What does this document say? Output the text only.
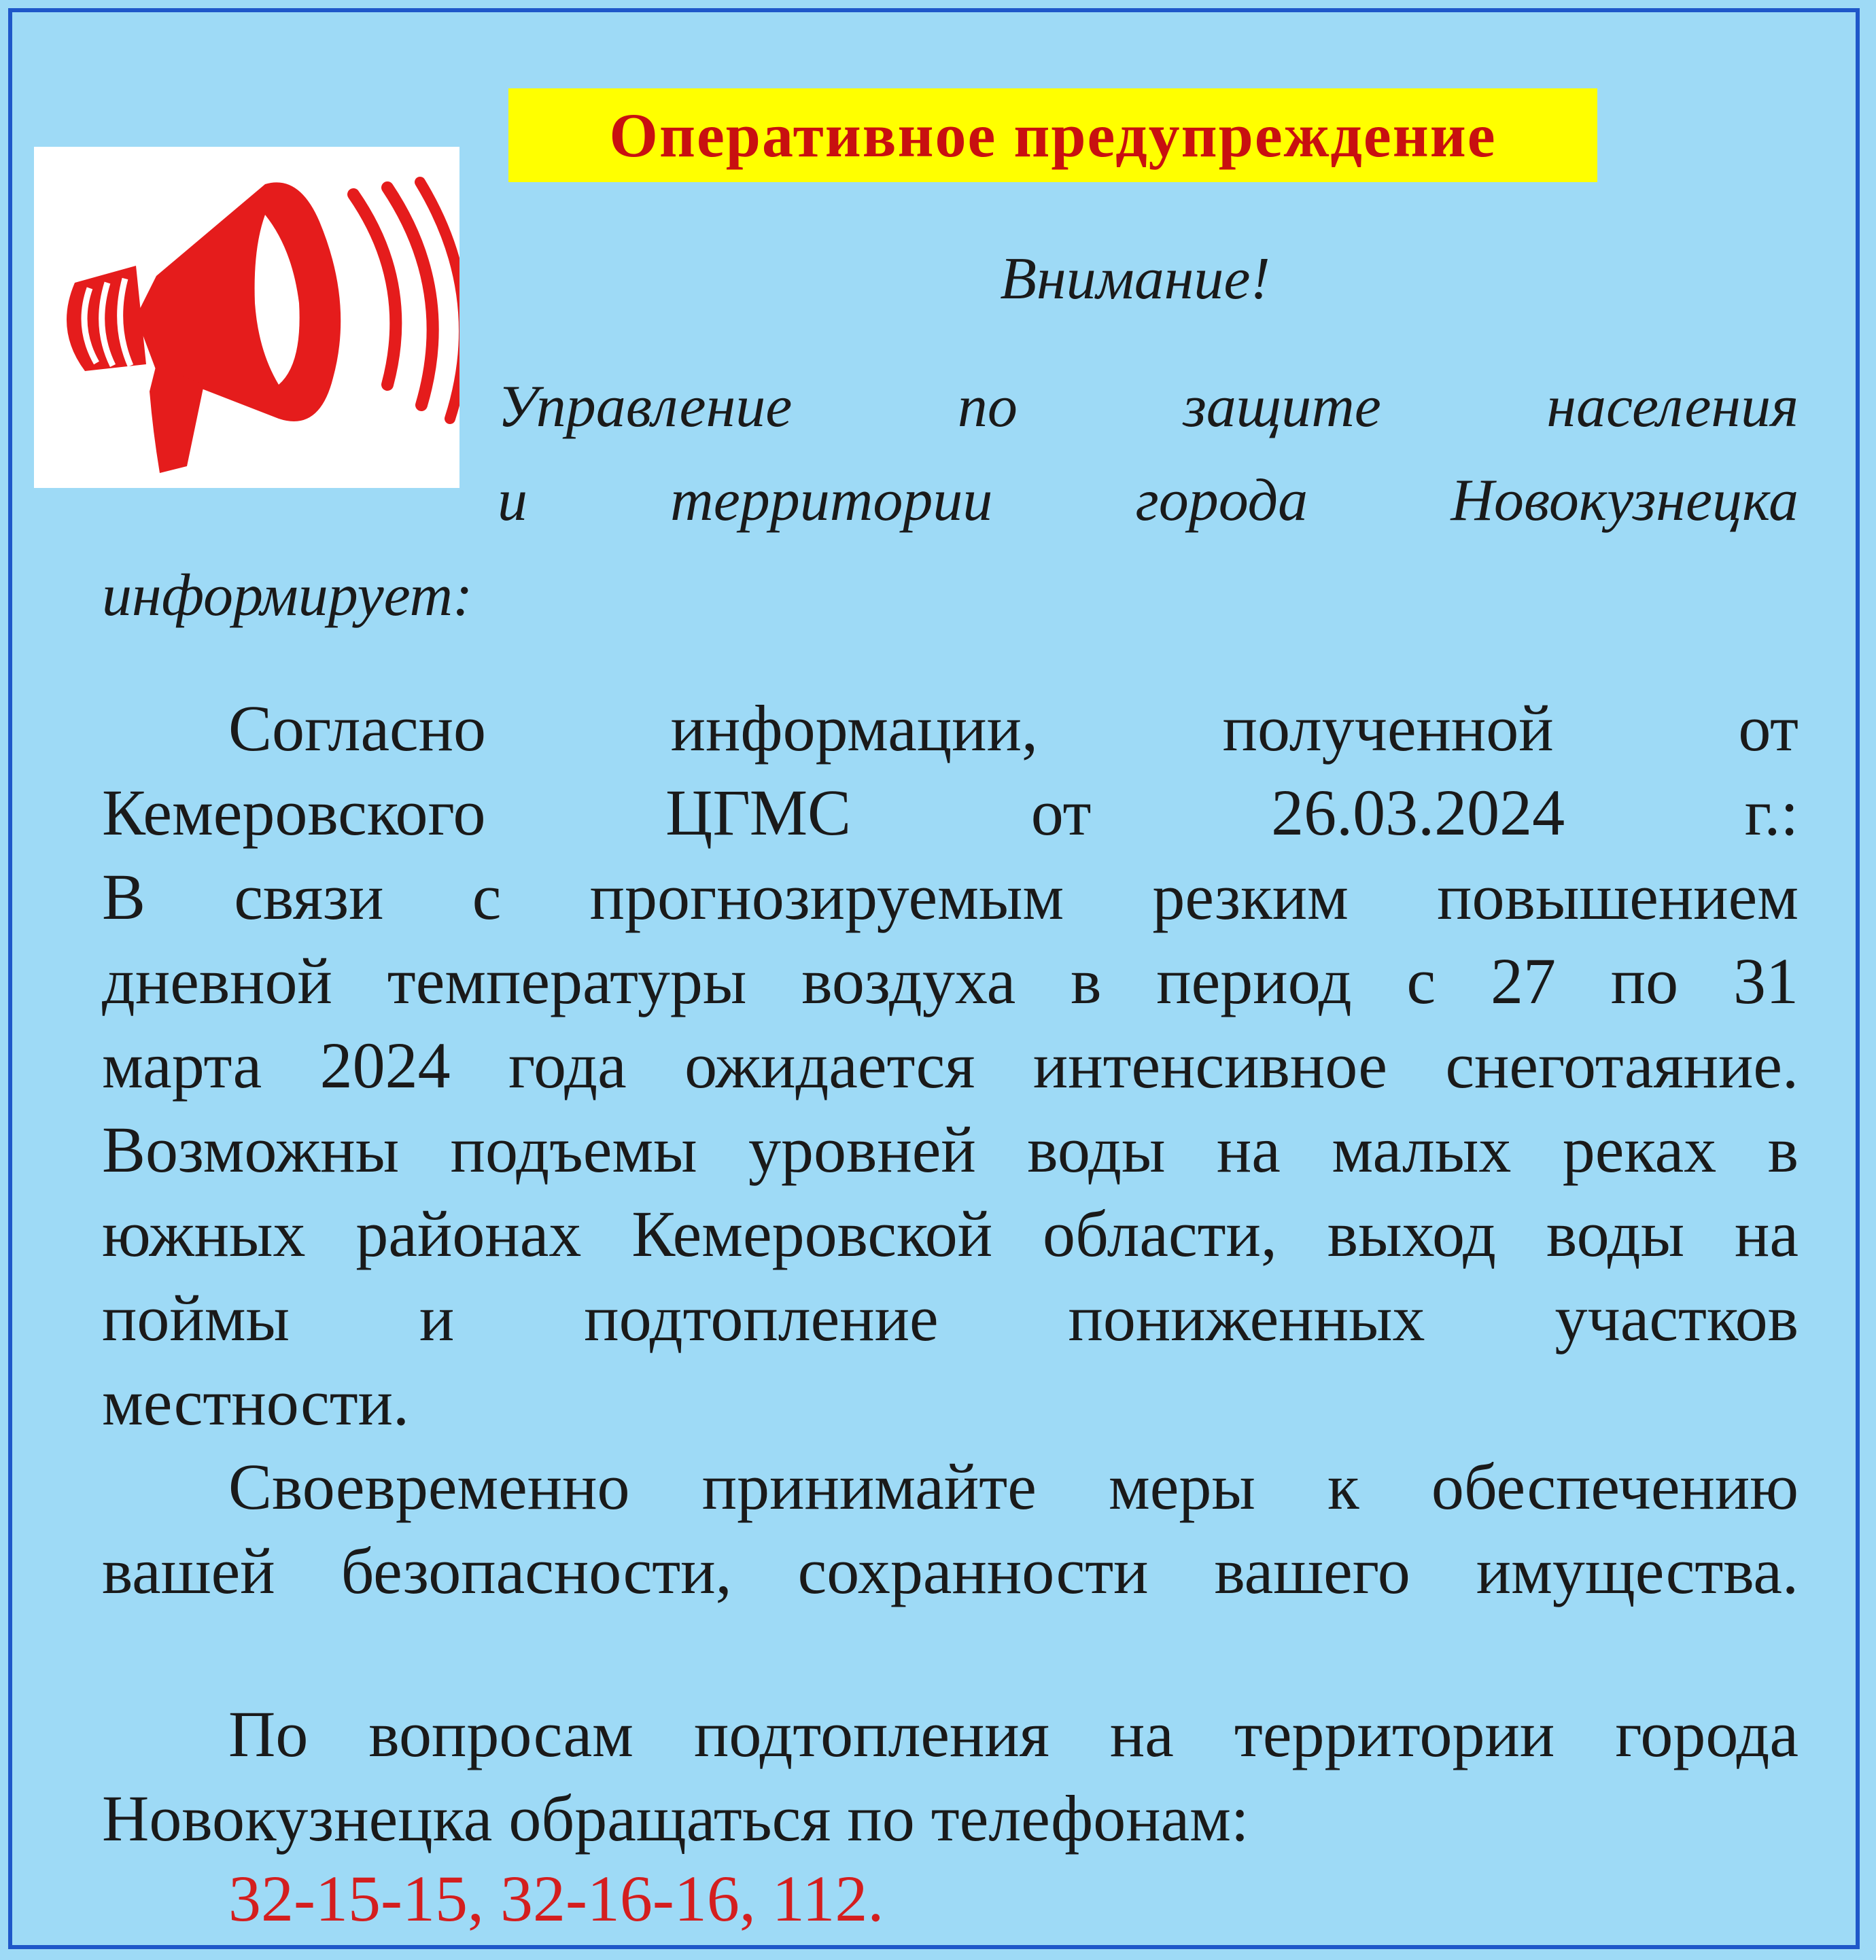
Оперативное предупреждение
Внимание!
Управление по защите населения
и территории города Новокузнецка
информирует:
Согласно информации, полученной от
Кемеровского ЦГМС от 26.03.2024 г.:
В связи с прогнозируемым резким повышением
дневной температуры воздуха в период с 27 по 31
марта 2024 года ожидается интенсивное снеготаяние.
Возможны подъемы уровней воды на малых реках в
южных районах Кемеровской области, выход воды на
поймы и подтопление пониженных участков
местности.
Своевременно принимайте меры к обеспечению
вашей безопасности, сохранности вашего имущества.
По вопросам подтопления на территории города
Новокузнецка обращаться по телефонам:
32-15-15, 32-16-16, 112.
